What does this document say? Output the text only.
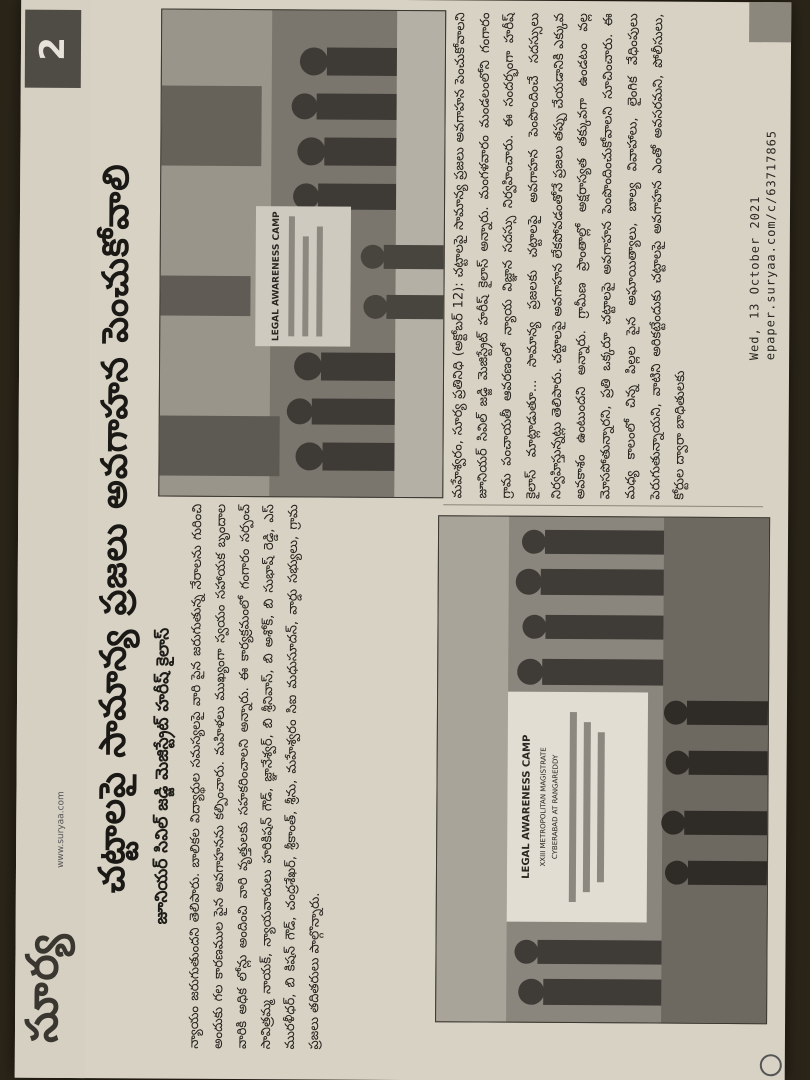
సూర్య
www.suryaa.com
2
చట్టాలపై సామాన్య ప్రజలు అవగాహన పెంచుకోవాలి	LEGAL AWARENESS CAMP
LEGAL AWARENESS CAMP XXIII METROPOLITAN MAGISTRATE CYBERABAD AT RANGAREDDY
జూనియర్ సివిల్ జడ్జి మెజిస్ట్రేట్ హరీష్ కైలాస్	న్యాయం జరుగుతుందని తెలిపారు. బాలికల విద్యార్థుల సమస్యలపై వారి పైన జరుగుతున్న నేరాలను గురించి అందుకు గల కారణముల పైన అవగాహనను కల్పించారు. మహిళలు ముఖ్యంగా స్వయం సహాయక బృందాల వారికి అధిక లోన్లు అందించి వారి వృత్తులకు సహకరించాలని అన్నారు. ఈ కార్యక్రమంలో గంగారం సర్పంచ్ సావిత్రమ్మ నాయక్, న్యాయవాదులు హరికిషన్ గౌడ్, జ్ఞానేశ్వర్, బి శ్రీనివాస్, బి అశోక్, బి సుభాష్ రెడ్డి, ఎస్ మురళీధర్, బి కిషన్ గౌడ్, చంద్రశేఖర్, శ్రీకాంత్, శ్రీను, మహేశ్వరం సిఐ మధుసూదన్, వార్డు సభ్యులు, గ్రామ ప్రజలు తదితరులు పాల్గొన్నారు.
మహేశ్వరం, సూర్య ప్రతినిధి (అక్టోబర్ 12): చట్టాలపై సామాన్య ప్రజలు అవగాహన పెంచుకోవాలని జూనియర్ సివిల్ జడ్జి మెజిస్ట్రేట్ హరీష్ కైలాస్ అన్నారు. మంగళవారం మండలంలోని గంగారం గ్రామ పంచాయతీ ఆవరణంలో న్యాయ విజ్ఞాన సదస్సు నిర్వహించారు. ఈ సందర్భంగా హరీష్ కైలాస్ మాట్లాడుతూ... సామాన్య ప్రజలకు చట్టాలపై అవగాహన పెంపొందించే సదస్సులు నిర్వహిస్తున్నట్లు తెలిపారు. చట్టాలపై అవగాహన లేకపోవడంతోనే ప్రజలు తప్పు చేయడానికి ఎక్కువ అవకాశం ఉంటుందని అన్నారు. గ్రామీణ ప్రాంతాల్లో అక్షరాస్యత తక్కువగా ఉండటం వల్ల మోసపోతున్నారని, ప్రతి ఒక్కరూ చట్టాలపై అవగాహన పెంపొందించుకోవాలని సూచించారు. ఈ మధ్య కాలంలో చిన్న పిల్లల పైన అఘాయిత్యాలు, బాల్య వివాహాలు, లైంగిక వేధింపులు పెరుగుతున్నాయని, వాటిని అరికట్టేందుకు చట్టాలపై అవగాహన ఎంతో అవసరమని, పోలీసులు, కోర్టుల ద్వారా బాధితులకు
Wed, 13 October 2021 epaper.suryaa.com/c/63717865
